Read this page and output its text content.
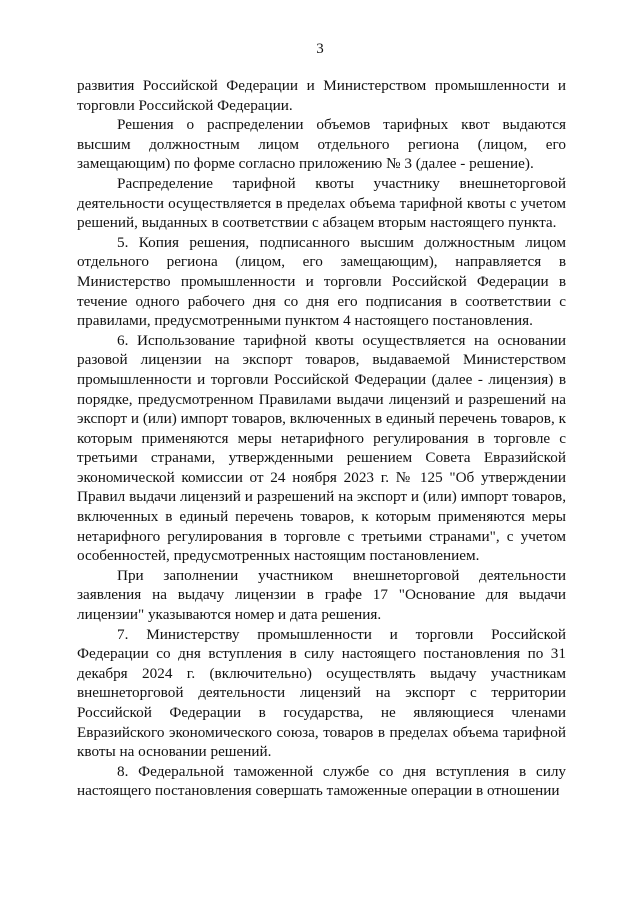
3

развития Российской Федерации и Министерством промышленности и торговли Российской Федерации.

Решения о распределении объемов тарифных квот выдаются высшим должностным лицом отдельного региона (лицом, его замещающим) по форме согласно приложению № 3 (далее - решение).

Распределение тарифной квоты участнику внешнеторговой деятельности осуществляется в пределах объема тарифной квоты с учетом решений, выданных в соответствии с абзацем вторым настоящего пункта.

5. Копия решения, подписанного высшим должностным лицом отдельного региона (лицом, его замещающим), направляется в Министерство промышленности и торговли Российской Федерации в течение одного рабочего дня со дня его подписания в соответствии с правилами, предусмотренными пунктом 4 настоящего постановления.

6. Использование тарифной квоты осуществляется на основании разовой лицензии на экспорт товаров, выдаваемой Министерством промышленности и торговли Российской Федерации (далее - лицензия) в порядке, предусмотренном Правилами выдачи лицензий и разрешений на экспорт и (или) импорт товаров, включенных в единый перечень товаров, к которым применяются меры нетарифного регулирования в торговле с третьими странами, утвержденными решением Совета Евразийской экономической комиссии от 24 ноября 2023 г. № 125 "Об утверждении Правил выдачи лицензий и разрешений на экспорт и (или) импорт товаров, включенных в единый перечень товаров, к которым применяются меры нетарифного регулирования в торговле с третьими странами", с учетом особенностей, предусмотренных настоящим постановлением.

При заполнении участником внешнеторговой деятельности заявления на выдачу лицензии в графе 17 "Основание для выдачи лицензии" указываются номер и дата решения.

7. Министерству промышленности и торговли Российской Федерации со дня вступления в силу настоящего постановления по 31 декабря 2024 г. (включительно) осуществлять выдачу участникам внешнеторговой деятельности лицензий на экспорт с территории Российской Федерации в государства, не являющиеся членами Евразийского экономического союза, товаров в пределах объема тарифной квоты на основании решений.

8. Федеральной таможенной службе со дня вступления в силу настоящего постановления совершать таможенные операции в отношении
